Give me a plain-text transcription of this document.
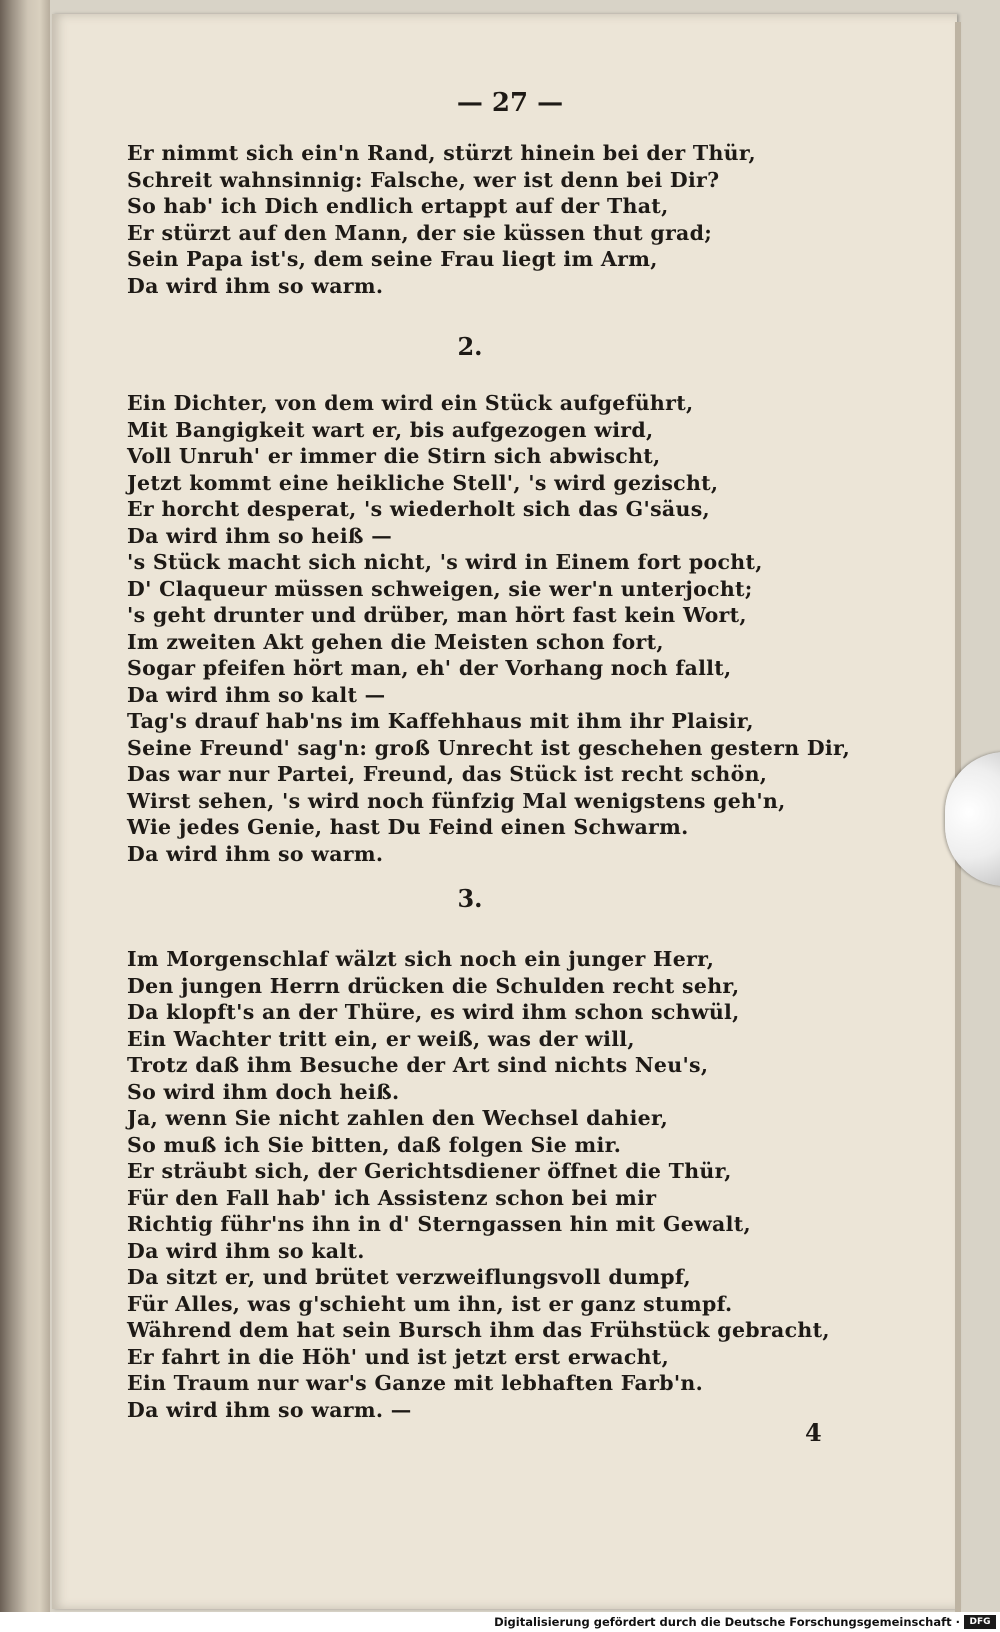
— 27 —
Er nimmt sich ein'n Rand, stürzt hinein bei der Thür,
Schreit wahnsinnig: Falsche, wer ist denn bei Dir?
So hab' ich Dich endlich ertappt auf der That,
Er stürzt auf den Mann, der sie küssen thut grad;
Sein Papa ist's, dem seine Frau liegt im Arm,
Da wird ihm so warm.
2.
Ein Dichter, von dem wird ein Stück aufgeführt,
Mit Bangigkeit wart er, bis aufgezogen wird,
Voll Unruh' er immer die Stirn sich abwischt,
Jetzt kommt eine heikliche Stell', 's wird gezischt,
Er horcht desperat, 's wiederholt sich das G'säus,
Da wird ihm so heiß —
's Stück macht sich nicht, 's wird in Einem fort pocht,
D' Claqueur müssen schweigen, sie wer'n unterjocht;
's geht drunter und drüber, man hört fast kein Wort,
Im zweiten Akt gehen die Meisten schon fort,
Sogar pfeifen hört man, eh' der Vorhang noch fallt,
Da wird ihm so kalt —
Tag's drauf hab'ns im Kaffehhaus mit ihm ihr Plaisir,
Seine Freund' sag'n: groß Unrecht ist geschehen gestern Dir,
Das war nur Partei, Freund, das Stück ist recht schön,
Wirst sehen, 's wird noch fünfzig Mal wenigstens geh'n,
Wie jedes Genie, hast Du Feind einen Schwarm.
Da wird ihm so warm.
3.
Im Morgenschlaf wälzt sich noch ein junger Herr,
Den jungen Herrn drücken die Schulden recht sehr,
Da klopft's an der Thüre, es wird ihm schon schwül,
Ein Wachter tritt ein, er weiß, was der will,
Trotz daß ihm Besuche der Art sind nichts Neu's,
So wird ihm doch heiß.
Ja, wenn Sie nicht zahlen den Wechsel dahier,
So muß ich Sie bitten, daß folgen Sie mir.
Er sträubt sich, der Gerichtsdiener öffnet die Thür,
Für den Fall hab' ich Assistenz schon bei mir
Richtig führ'ns ihn in d' Sterngassen hin mit Gewalt,
Da wird ihm so kalt.
Da sitzt er, und brütet verzweiflungsvoll dumpf,
Für Alles, was g'schieht um ihn, ist er ganz stumpf.
Während dem hat sein Bursch ihm das Frühstück gebracht,
Er fahrt in die Höh' und ist jetzt erst erwacht,
Ein Traum nur war's Ganze mit lebhaften Farb'n.
Da wird ihm so warm. —
4
Digitalisierung gefördert durch die Deutsche Forschungsgemeinschaft ·	DFG
